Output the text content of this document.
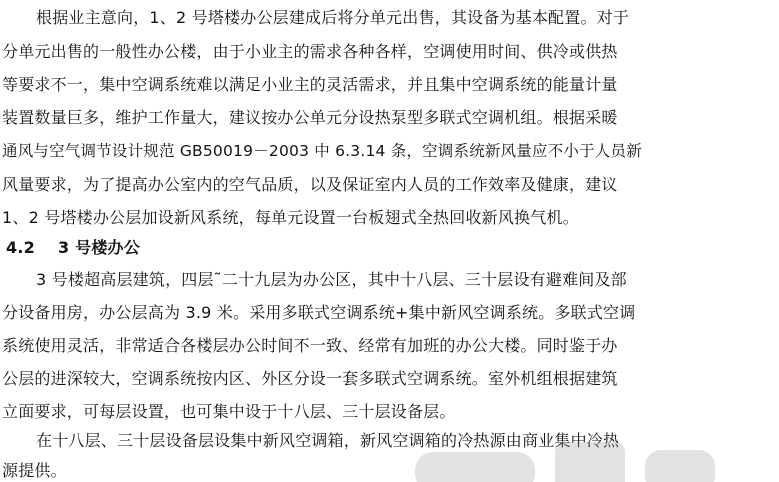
根据业主意向，1、2 号塔楼办公层建成后将分单元出售，其设备为基本配置。对于
分单元出售的一般性办公楼，由于小业主的需求各种各样，空调使用时间、供冷或供热
等要求不一，集中空调系统难以满足小业主的灵活需求，并且集中空调系统的能量计量
装置数量巨多，维护工作量大，建议按办公单元分设热泵型多联式空调机组。根据采暖
通风与空气调节设计规范 GB50019－2003 中 6.3.14 条，空调系统新风量应不小于人员新
风量要求，为了提高办公室内的空气品质，以及保证室内人员的工作效率及健康，建议
1、2 号塔楼办公层加设新风系统，每单元设置一台板翅式全热回收新风换气机。
4.2    3 号楼办公
3 号楼超高层建筑，四层˜二十九层为办公区，其中十八层、三十层设有避难间及部
分设备用房，办公层高为 3.9 米。采用多联式空调系统+集中新风空调系统。多联式空调
系统使用灵活，非常适合各楼层办公时间不一致、经常有加班的办公大楼。同时鉴于办
公层的进深较大，空调系统按内区、外区分设一套多联式空调系统。室外机组根据建筑
立面要求，可每层设置，也可集中设于十八层、三十层设备层。
在十八层、三十层设备层设集中新风空调箱，新风空调箱的冷热源由商业集中冷热
源提供。
